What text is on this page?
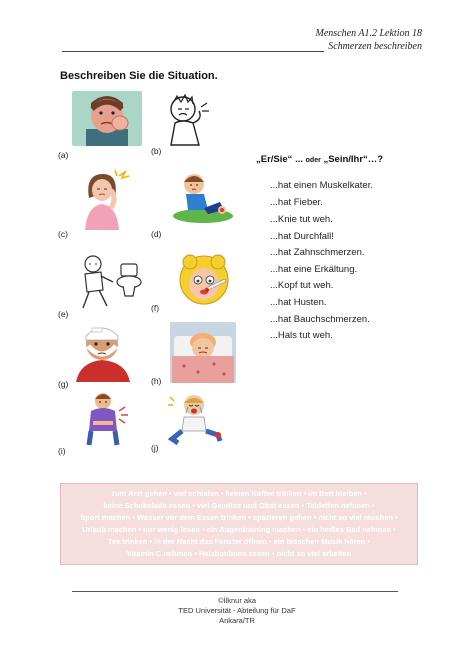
Menschen A1.2 Lektion 18
Schmerzen beschreiben
Beschreiben Sie die Situation.
(a)	(b)
(c)	(d)
(e)
(f)
(g)	(h)
(i)	(j)
„Er/Sie“ ... oder „Sein/Ihr“…?
...hat einen Muskelkater.
...hat Fieber.
...Knie tut weh.
...hat Durchfall!
...hat Zahnschmerzen.
...hat eine Erkältung.
...Kopf tut weh.
...hat Husten.
...hat Bauchschmerzen.
...Hals tut weh.
zum Arzt gehen • viel schlafen • keinen Kaffee trinken • im Bett bleiben •
keine Schokolade essen • viel Gemüse und Obst essen • Tabletten nehmen •
Sport machen • Wasser vor dem Essen trinken • spazieren gehen • nicht so viel rauchen •
Urlaub machen • nur wenig lesen • ein Augentraining machen • ein heißes Bad nehmen •
Tee trinken • in der Nacht das Fenster öffnen • ein bisschen Musik hören •
Vitamin C nehmen • Halsbonbons essen • nicht so viel arbeiten
©İlknur aka
TED Universität - Abteilung für DaF
Ankara/TR
